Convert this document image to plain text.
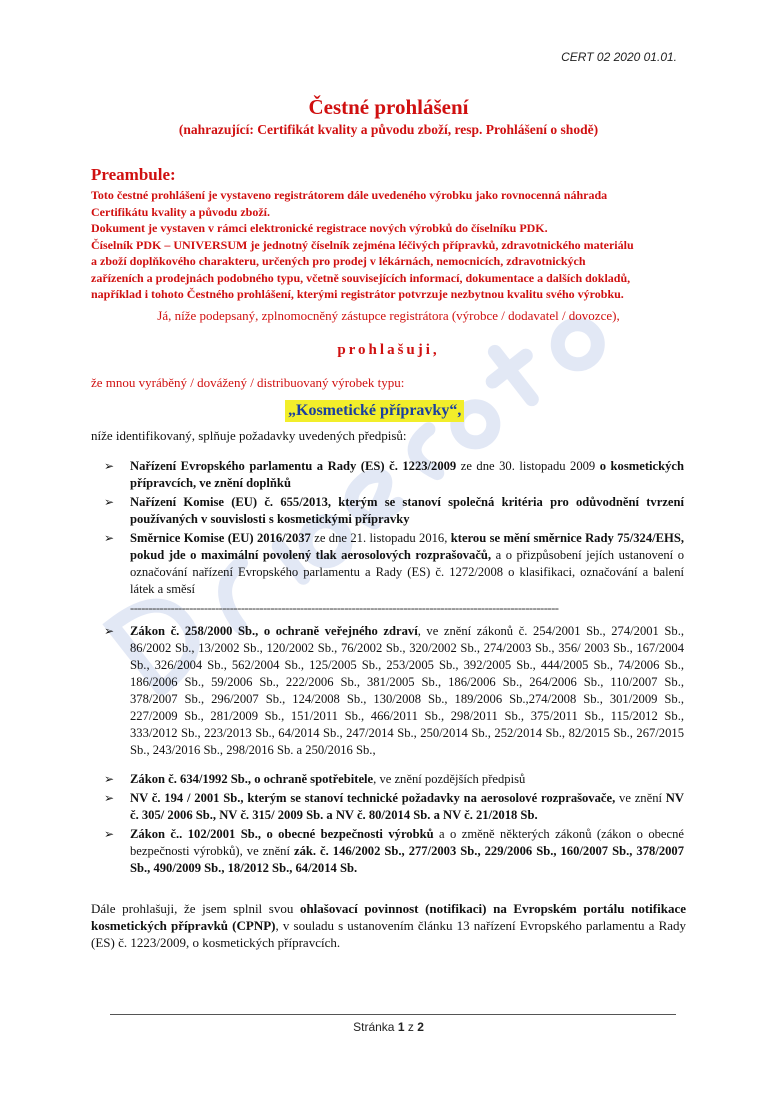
CERT 02 2020 01.01.
Čestné prohlášení
(nahrazující: Certifikát kvality a původu zboží, resp. Prohlášení o shodě)
Preambule:
Toto čestné prohlášení je vystaveno registrátorem dále uvedeného výrobku jako rovnocenná náhrada
Certifikátu kvality a původu zboží.
Dokument je vystaven v rámci elektronické registrace nových výrobků do číselníku PDK.
Číselník PDK – UNIVERSUM je jednotný číselník zejména léčivých přípravků, zdravotnického materiálu
a zboží doplňkového charakteru, určených pro prodej v lékárnách, nemocnicích, zdravotnických
zařízeních a prodejnách podobného typu, včetně souvisejících informací, dokumentace a dalších dokladů,
například i tohoto Čestného prohlášení, kterými registrátor potvrzuje nezbytnou kvalitu svého výrobku.
Já, níže podepsaný, zplnomocněný zástupce registrátora (výrobce / dodavatel / dovozce),
prohlašuji,
že mnou vyráběný / dovážený / distribuovaný výrobek typu:
„Kosmetické přípravky“,
níže identifikovaný, splňuje požadavky uvedených předpisů:
➢ Nařízení Evropského parlamentu a Rady (ES) č. 1223/2009 ze dne 30. listopadu 2009 o kosmetických přípravcích, ve znění doplňků
➢ Nařízení Komise (EU) č. 655/2013, kterým se stanoví společná kritéria pro odůvodnění tvrzení používaných v souvislosti s kosmetickými přípravky
➢ Směrnice Komise (EU) 2016/2037 ze dne 21. listopadu 2016, kterou se mění směrnice Rady 75/324/EHS, pokud jde o maximální povolený tlak aerosolových rozprašovačů, a o přizpůsobení jejích ustanovení o označování nařízení Evropského parlamentu a Rady (ES) č. 1272/2008 o klasifikaci, označování a balení látek a směsí
--------------------------------------------------------------------------------------------------------------------
➢ Zákon č. 258/2000 Sb., o ochraně veřejného zdraví, ve znění zákonů č. 254/2001 Sb., 274/2001 Sb., 86/2002 Sb., 13/2002 Sb., 120/2002 Sb., 76/2002 Sb., 320/2002 Sb., 274/2003 Sb., 356/ 2003 Sb., 167/2004 Sb., 326/2004 Sb., 562/2004 Sb., 125/2005 Sb., 253/2005 Sb., 392/2005 Sb., 444/2005 Sb., 74/2006 Sb., 186/2006 Sb., 59/2006 Sb., 222/2006 Sb., 381/2005 Sb., 186/2006 Sb., 264/2006 Sb., 110/2007 Sb., 378/2007 Sb., 296/2007 Sb., 124/2008 Sb., 130/2008 Sb., 189/2006 Sb.,274/2008 Sb., 301/2009 Sb., 227/2009 Sb., 281/2009 Sb., 151/2011 Sb., 466/2011 Sb., 298/2011 Sb., 375/2011 Sb., 115/2012 Sb., 333/2012 Sb., 223/2013 Sb., 64/2014 Sb., 247/2014 Sb., 250/2014 Sb., 252/2014 Sb., 82/2015 Sb., 267/2015 Sb., 243/2016 Sb., 298/2016 Sb. a 250/2016 Sb.,
➢ Zákon č. 634/1992 Sb., o ochraně spotřebitele, ve znění pozdějších předpisů
➢ NV č. 194 / 2001 Sb., kterým se stanoví technické požadavky na aerosolové rozprašovače, ve znění NV č. 305/ 2006 Sb., NV č. 315/ 2009 Sb. a NV č. 80/2014 Sb. a NV č. 21/2018 Sb.
➢ Zákon č.. 102/2001 Sb., o obecné bezpečnosti výrobků a o změně některých zákonů (zákon o obecné bezpečnosti výrobků), ve znění zák. č. 146/2002 Sb., 277/2003 Sb., 229/2006 Sb., 160/2007 Sb., 378/2007 Sb., 490/2009 Sb., 18/2012 Sb., 64/2014 Sb.
Dále prohlašuji, že jsem splnil svou ohlašovací povinnost (notifikaci) na Evropském portálu notifikace kosmetických přípravků (CPNP), v souladu s ustanovením článku 13 nařízení Evropského parlamentu a Rady (ES) č. 1223/2009, o kosmetických přípravcích.
Stránka 1 z 2
